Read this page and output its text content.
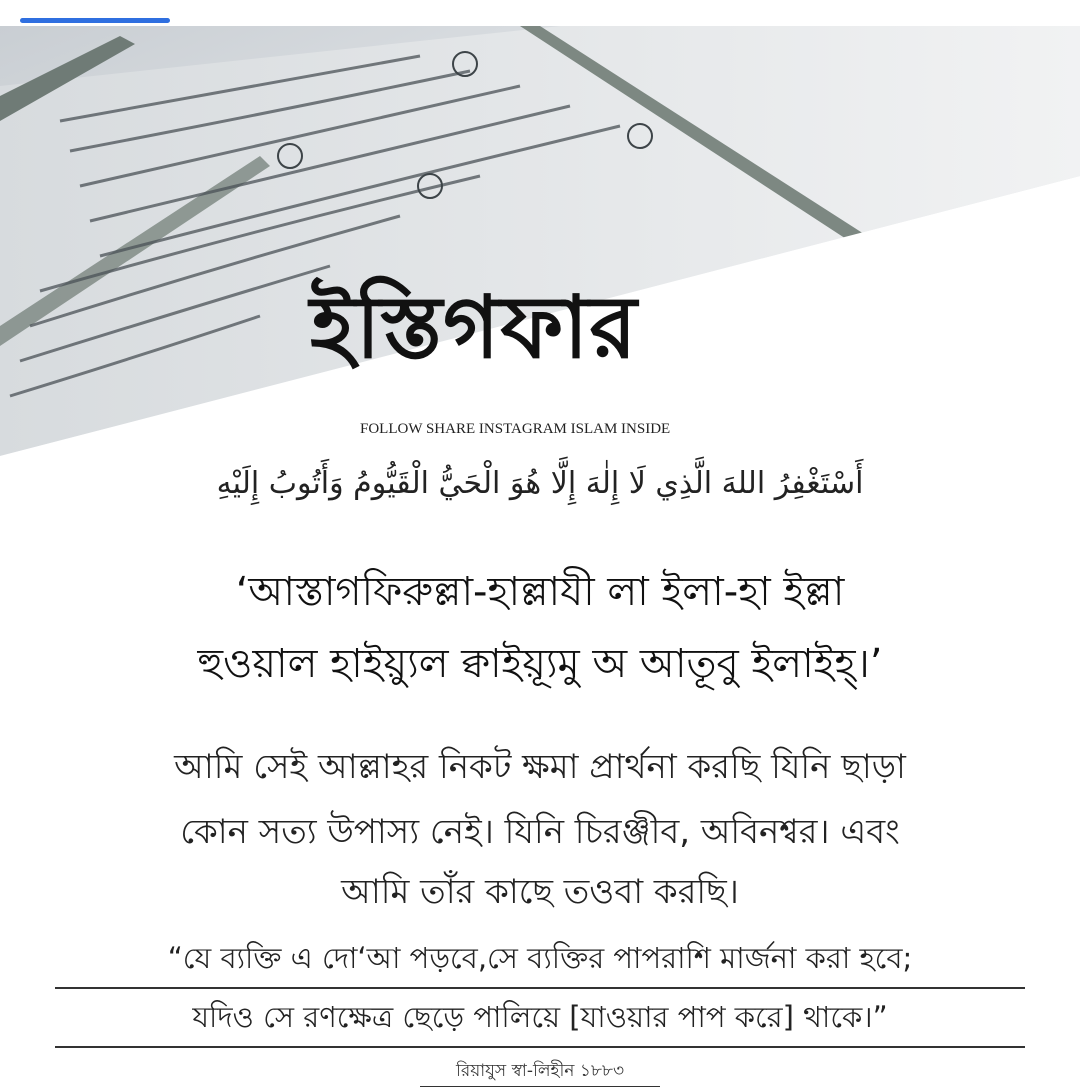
ইস্তিগফার
FOLLOW SHARE INSTAGRAM ISLAM INSIDE
أَسْتَغْفِرُ اللهَ الَّذِي لَا إِلٰهَ إِلَّا هُوَ الْحَيُّ الْقَيُّومُ وَأَتُوبُ إِلَيْهِ
‘আস্তাগফিরুল্লা-হাল্লাযী লা ইলা-হা ইল্লা
হুওয়াল হাইয়্যুল ক্বাইয়্যূমু অ আতূবু ইলাইহ্।’
আমি সেই আল্লাহর নিকট ক্ষমা প্রার্থনা করছি যিনি ছাড়া
কোন সত্য উপাস্য নেই। যিনি চিরঞ্জীব, অবিনশ্বর। এবং
আমি তাঁর কাছে তওবা করছি।
“যে ব্যক্তি এ দো‘আ পড়বে,সে ব্যক্তির পাপরাশি মার্জনা করা হবে;
যদিও সে রণক্ষেত্র ছেড়ে পালিয়ে [যাওয়ার পাপ করে] থাকে।”
রিয়াযুস স্বা-লিহীন ১৮৮৩
